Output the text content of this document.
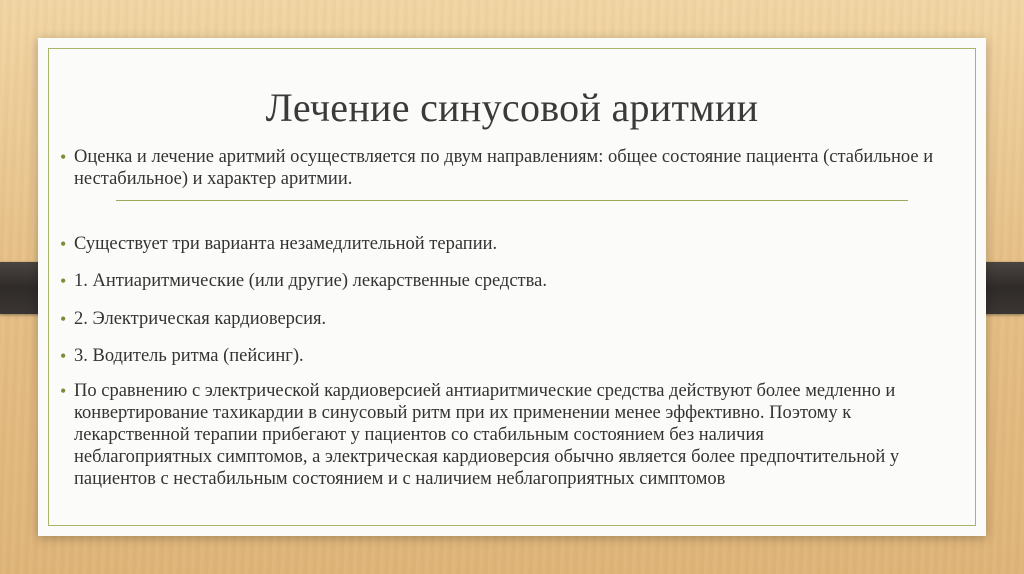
Лечение синусовой аритмии
• Оценка и лечение аритмий осуществляется по двум направлениям: общее состояние пациента (стабильное и нестабильное) и характер аритмии.
• Существует три варианта незамедлительной терапии.
• 1. Антиаритмические (или другие) лекарственные средства.
• 2. Электрическая кардиоверсия.
• 3. Водитель ритма (пейсинг).
• По сравнению с электрической кардиоверсией антиаритмические средства действуют более медленно и конвертирование тахикардии в синусовый ритм при их применении менее эффективно. Поэтому к лекарственной терапии прибегают у пациентов со стабильным состоянием без наличия неблагоприятных симптомов, а электрическая кардиоверсия обычно является более предпочтительной у пациентов с нестабильным состоянием и с наличием неблагоприятных симптомов
